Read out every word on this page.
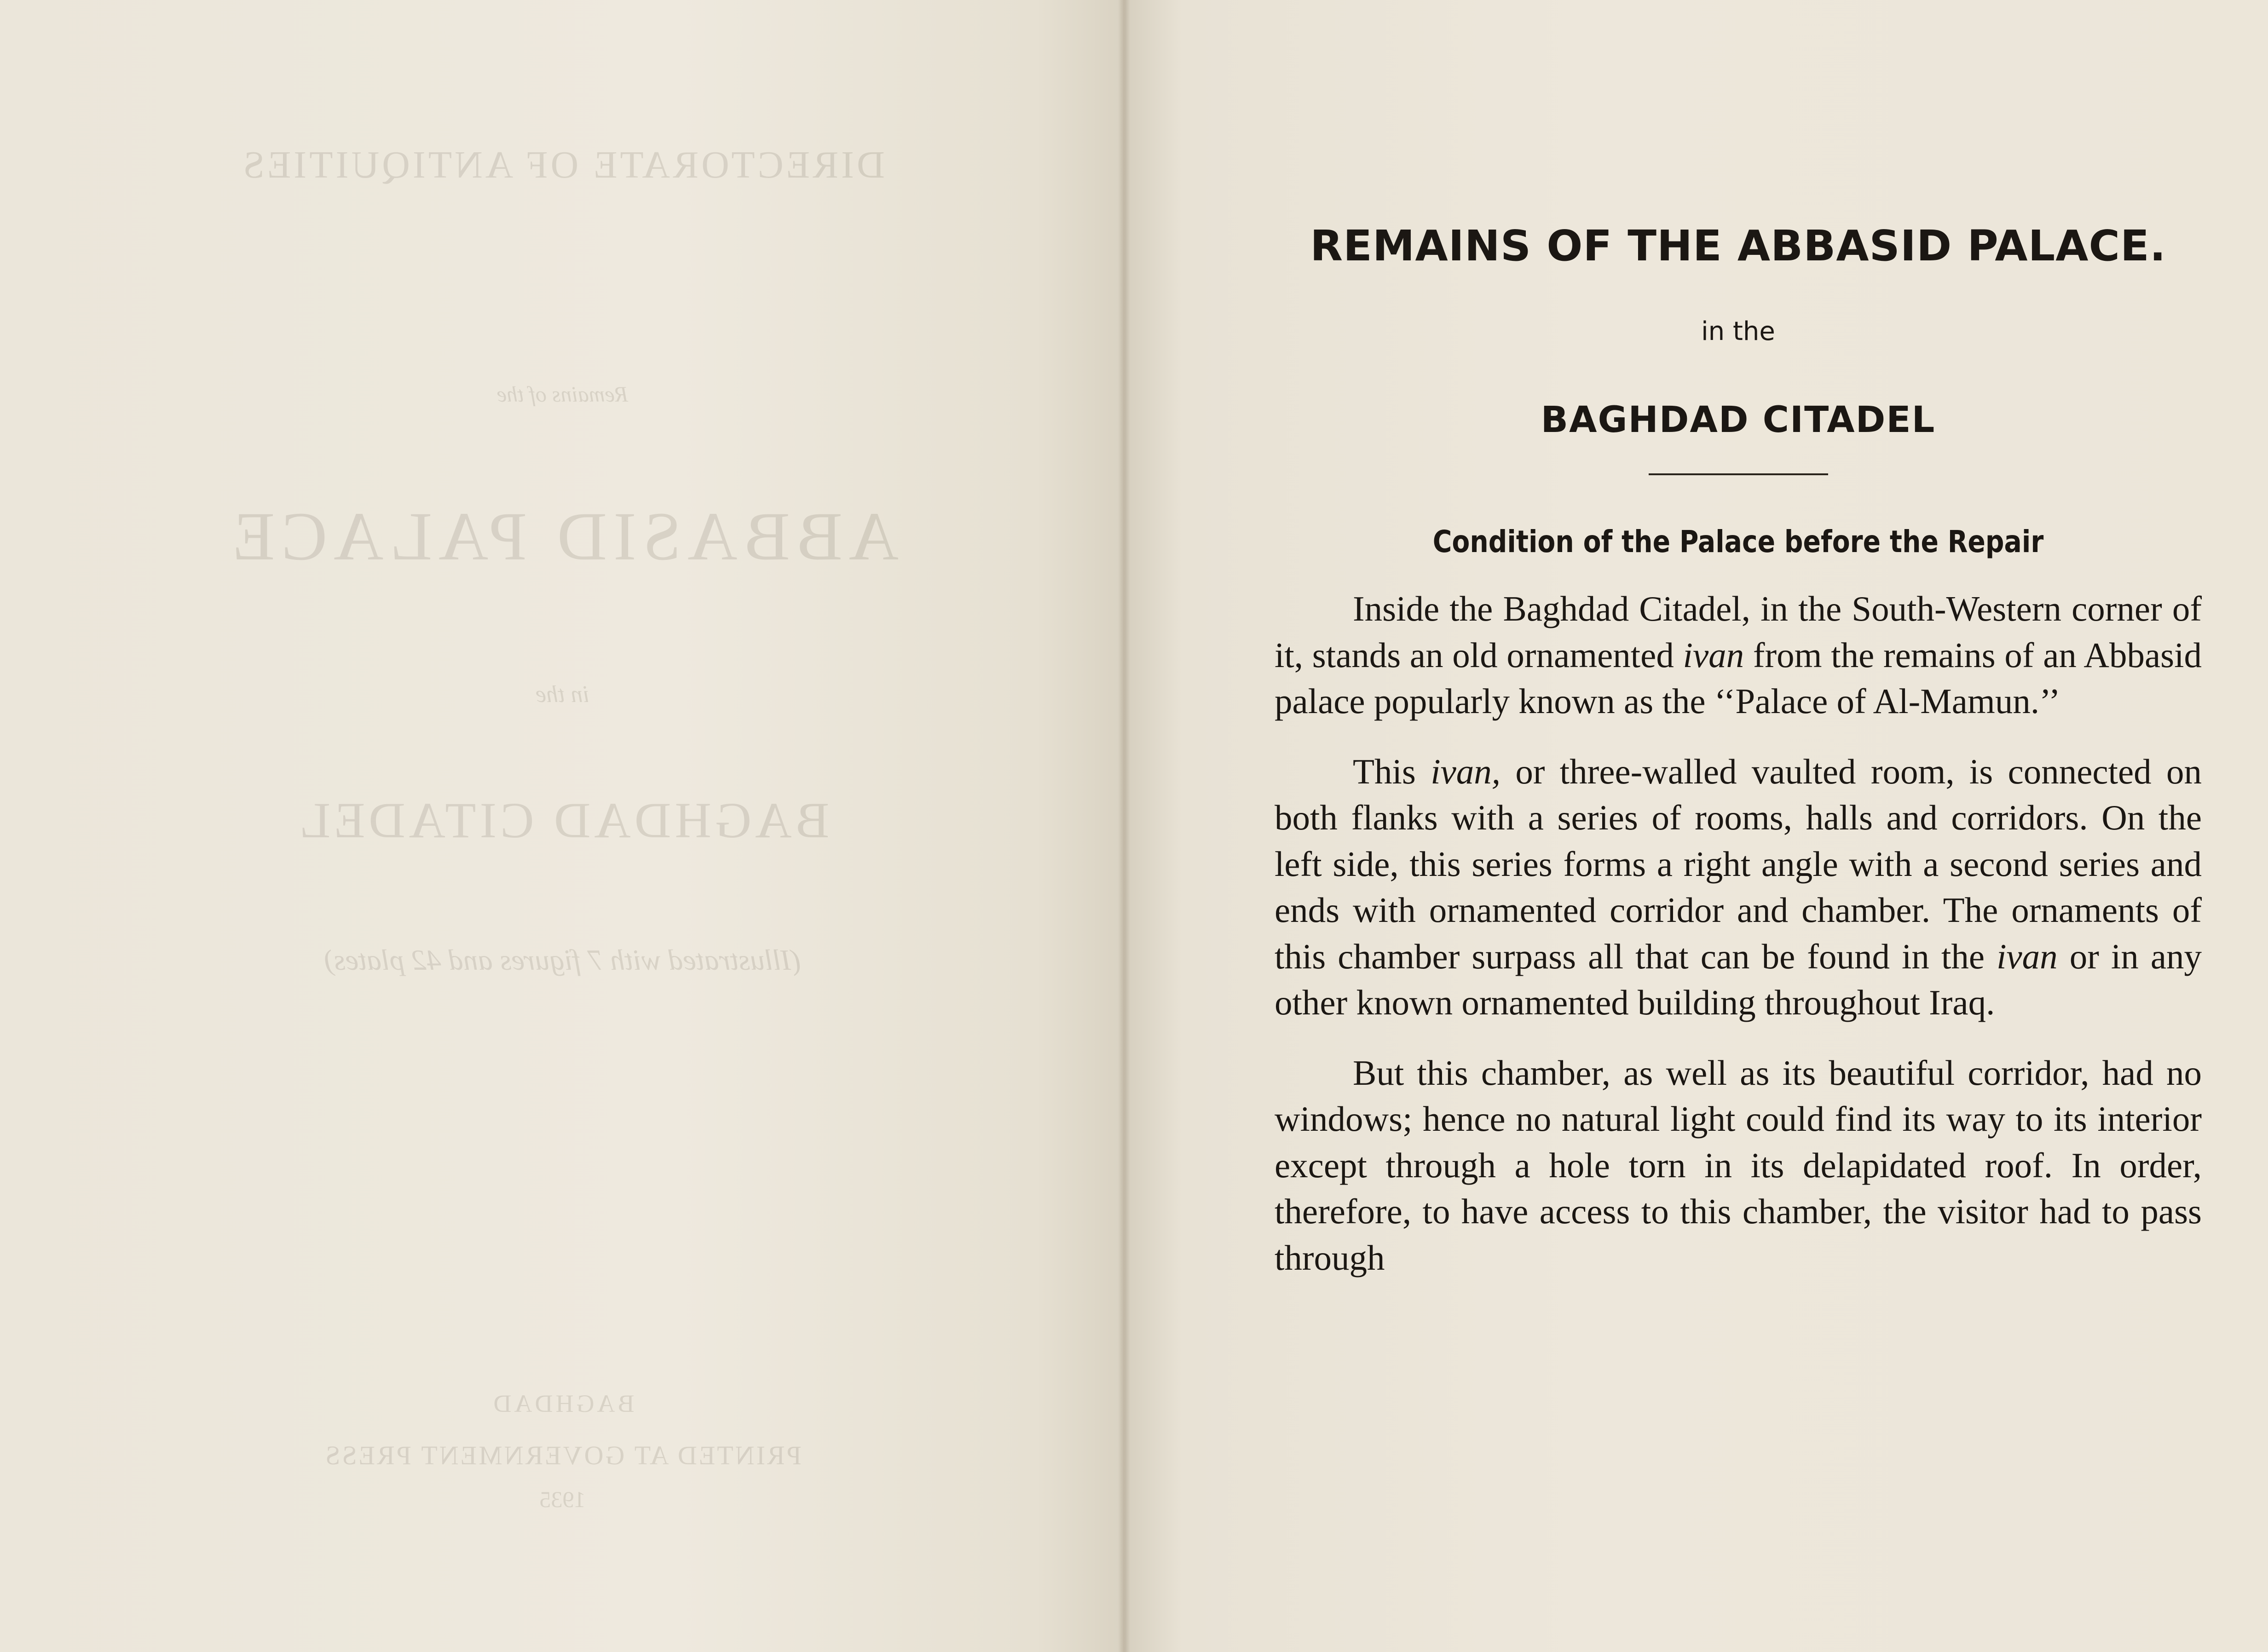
DIRECTORATE OF ANTIQUITIES
Remains of the
ABBASID PALACE
in the
BAGHDAD CITADEL
(Illustrated with 7 figures and 42 plates)
BAGHDAD
PRINTED AT GOVERNMENT PRESS
1935
REMAINS OF THE ABBASID PALACE.
in the
BAGHDAD CITADEL
Condition of the Palace before the Repair

Inside the Baghdad Citadel, in the South-Western corner of it, stands an old ornamented ivan from the remains of an Abbasid palace popularly known as the ‘‘Palace of Al-Mamun.’’

This ivan, or three-walled vaulted room, is connected on both flanks with a series of rooms, halls and corridors. On the left side, this series forms a right angle with a second series and ends with ornamented corridor and chamber. The ornaments of this chamber surpass all that can be found in the ivan or in any other known ornamented building throughout Iraq.

But this chamber, as well as its beautiful corridor, had no windows; hence no natural light could find its way to its interior except through a hole torn in its delapidated roof. In order, therefore, to have access to this chamber, the visitor had to pass through
